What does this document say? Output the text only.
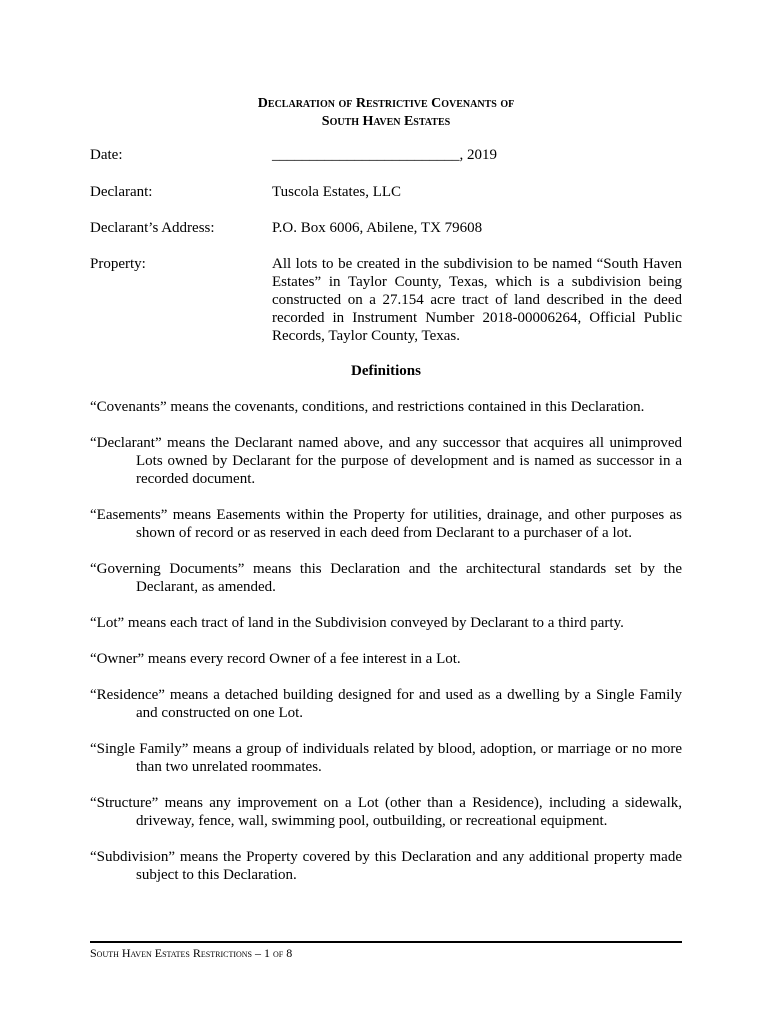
Declaration of Restrictive Covenants of
South Haven Estates
Date:	_________________________, 2019
Declarant:	Tuscola Estates, LLC
Declarant’s Address:	P.O. Box 6006, Abilene, TX 79608
Property:	All lots to be created in the subdivision to be named “South Haven Estates” in Taylor County, Texas, which is a subdivision being constructed on a 27.154 acre tract of land described in the deed recorded in Instrument Number 2018-00006264, Official Public Records, Taylor County, Texas.
Definitions

“Covenants” means the covenants, conditions, and restrictions contained in this Declaration.

“Declarant” means the Declarant named above, and any successor that acquires all unimproved Lots owned by Declarant for the purpose of development and is named as successor in a recorded document.

“Easements” means Easements within the Property for utilities, drainage, and other purposes as shown of record or as reserved in each deed from Declarant to a purchaser of a lot.

“Governing Documents” means this Declaration and the architectural standards set by the Declarant, as amended.

“Lot” means each tract of land in the Subdivision conveyed by Declarant to a third party.

“Owner” means every record Owner of a fee interest in a Lot.

“Residence” means a detached building designed for and used as a dwelling by a Single Family and constructed on one Lot.

“Single Family” means a group of individuals related by blood, adoption, or marriage or no more than two unrelated roommates.

“Structure” means any improvement on a Lot (other than a Residence), including a sidewalk, driveway, fence, wall, swimming pool, outbuilding, or recreational equipment.

“Subdivision” means the Property covered by this Declaration and any additional property made subject to this Declaration.

South Haven Estates Restrictions – 1 of 8
